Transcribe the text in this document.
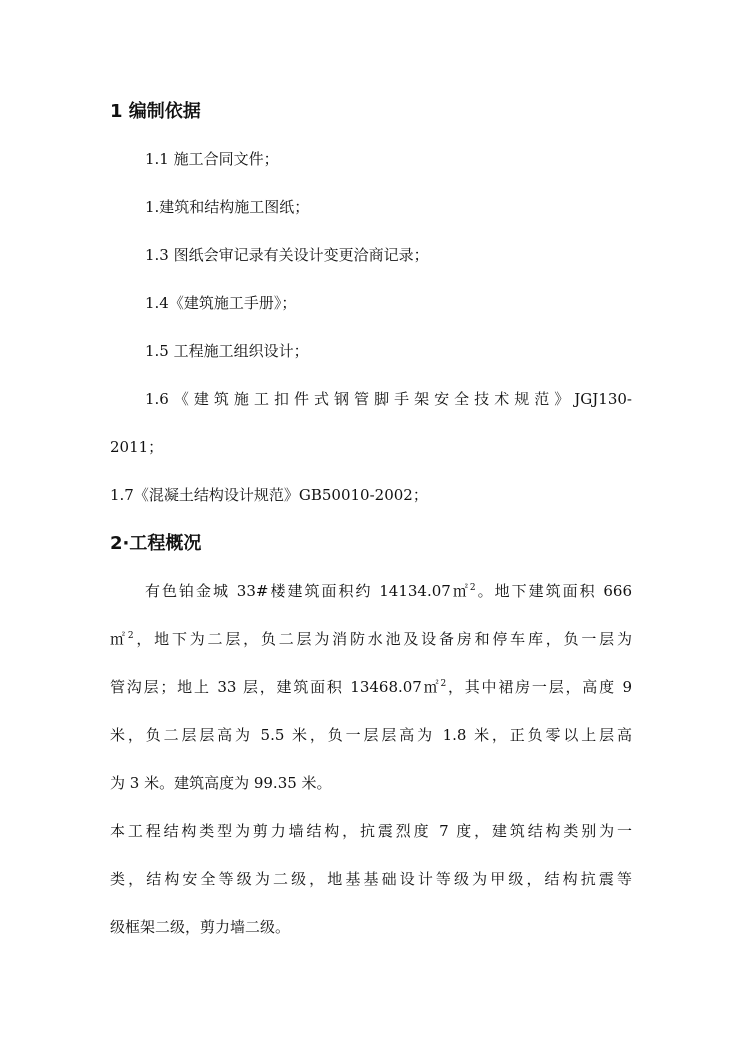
1 编制依据
1.1 施工合同文件；
1.建筑和结构施工图纸；
1.3 图纸会审记录有关设计变更洽商记录；
1.4《建筑施工手册》；
1.5 工程施工组织设计；
1.6《建筑施工扣件式钢管脚手架安全技术规范》JGJ130-
2011；
1.7《混凝土结构设计规范》GB50010-2002；
2·工程概况
有色铂金城 33#楼建筑面积约 14134.07㎡$^2$。地下建筑面积 666
㎡$^2$，地下为二层，负二层为消防水池及设备房和停车库，负一层为
管沟层；地上 33 层，建筑面积 13468.07㎡$^2$，其中裙房一层，高度 9
米，负二层层高为 5.5 米，负一层层高为 1.8 米，正负零以上层高
为 3 米。建筑高度为 99.35 米。
本工程结构类型为剪力墙结构，抗震烈度 7 度，建筑结构类别为一
类，结构安全等级为二级，地基基础设计等级为甲级，结构抗震等
级框架二级，剪力墙二级。
